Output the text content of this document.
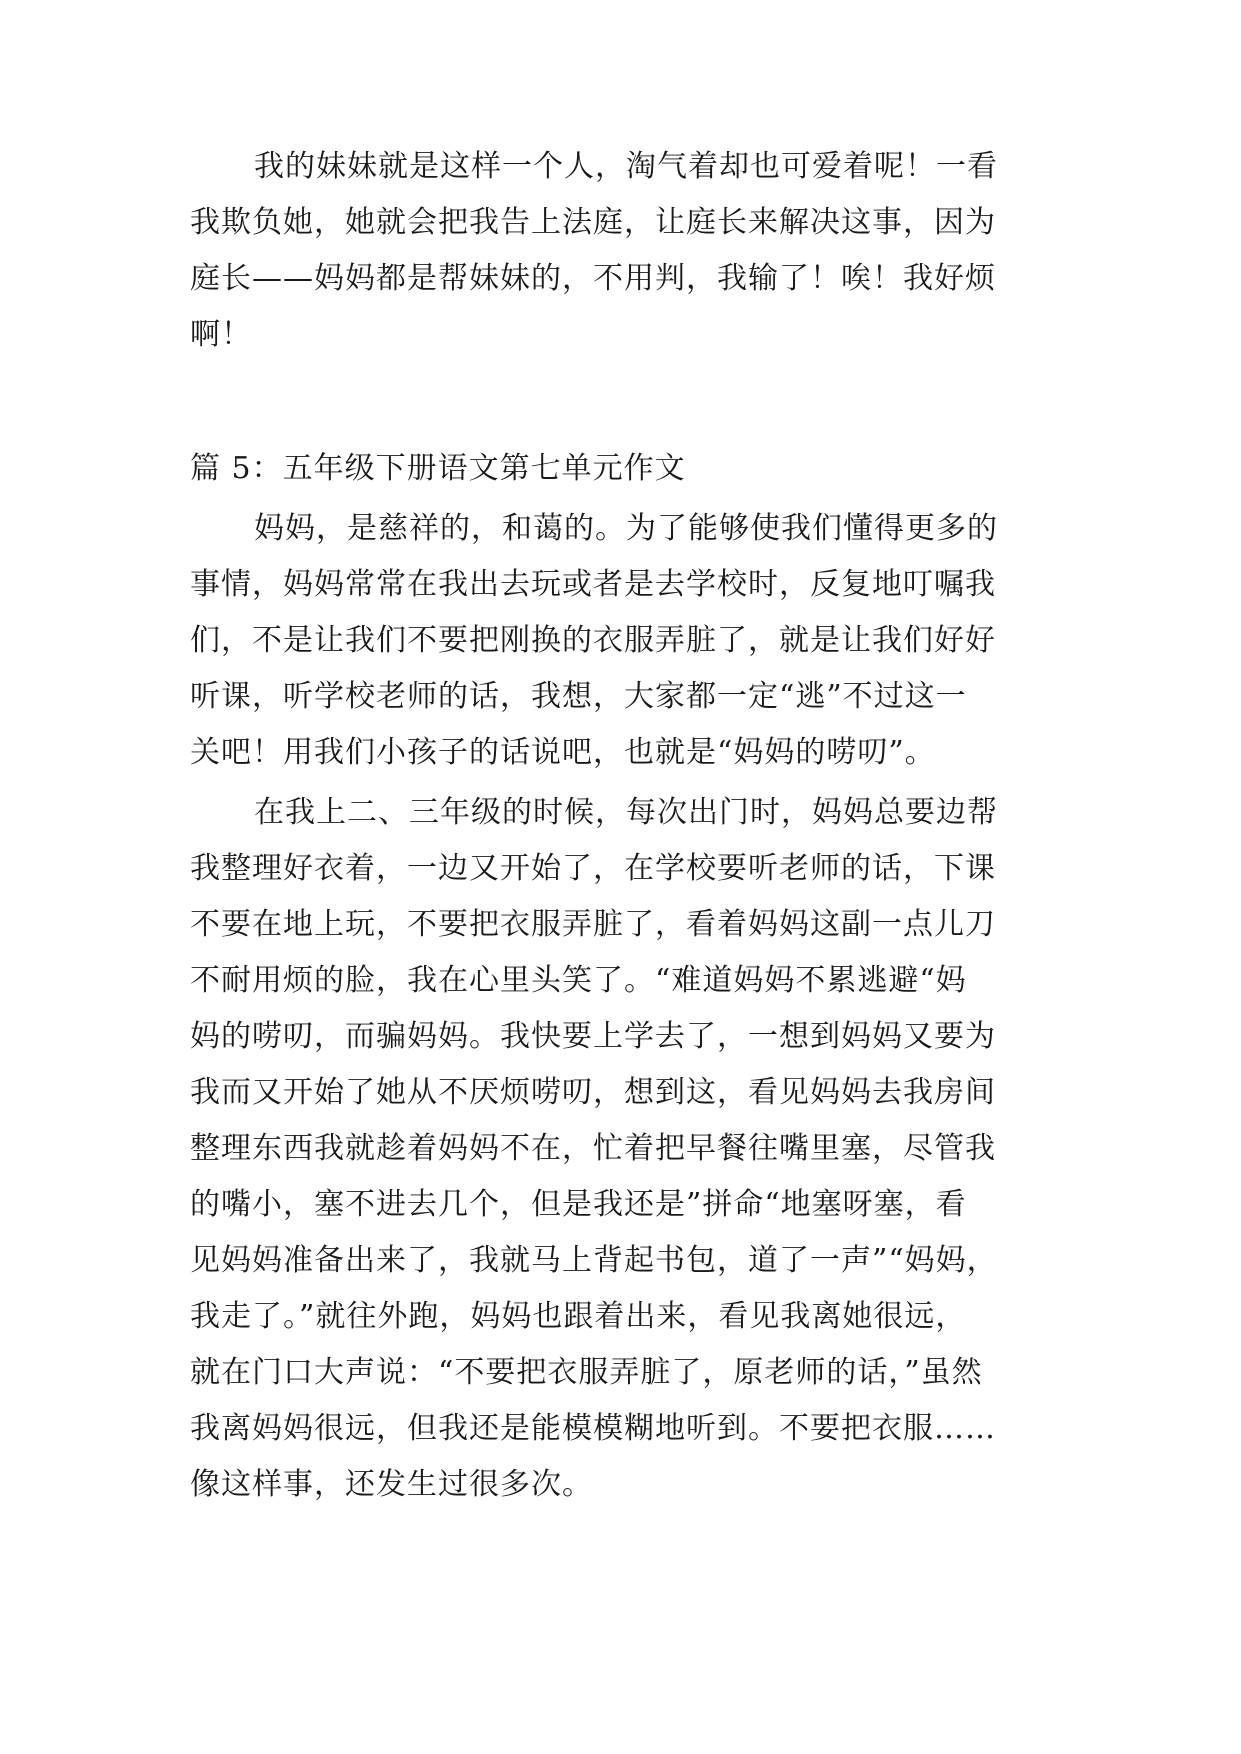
我的妹妹就是这样一个人，淘气着却也可爱着呢！一看
我欺负她，她就会把我告上法庭，让庭长来解决这事，因为
庭长——妈妈都是帮妹妹的，不用判，我输了！唉！我好烦
啊！
篇 5：五年级下册语文第七单元作文
妈妈，是慈祥的，和蔼的。为了能够使我们懂得更多的
事情，妈妈常常在我出去玩或者是去学校时，反复地叮嘱我
们，不是让我们不要把刚换的衣服弄脏了，就是让我们好好
听课，听学校老师的话，我想，大家都一定“逃”不过这一
关吧！用我们小孩子的话说吧，也就是“妈妈的唠叨”。
在我上二、三年级的时候，每次出门时，妈妈总要边帮
我整理好衣着，一边又开始了，在学校要听老师的话，下课
不要在地上玩，不要把衣服弄脏了，看着妈妈这副一点儿刀
不耐用烦的脸，我在心里头笑了。“难道妈妈不累逃避“妈
妈的唠叨，而骗妈妈。我快要上学去了，一想到妈妈又要为
我而又开始了她从不厌烦唠叨，想到这，看见妈妈去我房间
整理东西我就趁着妈妈不在，忙着把早餐往嘴里塞，尽管我
的嘴小，塞不进去几个，但是我还是”拼命“地塞呀塞，看
见妈妈准备出来了，我就马上背起书包，道了一声”“妈妈，
我走了。”就往外跑，妈妈也跟着出来，看见我离她很远，
就在门口大声说：“不要把衣服弄脏了，原老师的话，”虽然
我离妈妈很远，但我还是能模模糊地听到。不要把衣服……
像这样事，还发生过很多次。
